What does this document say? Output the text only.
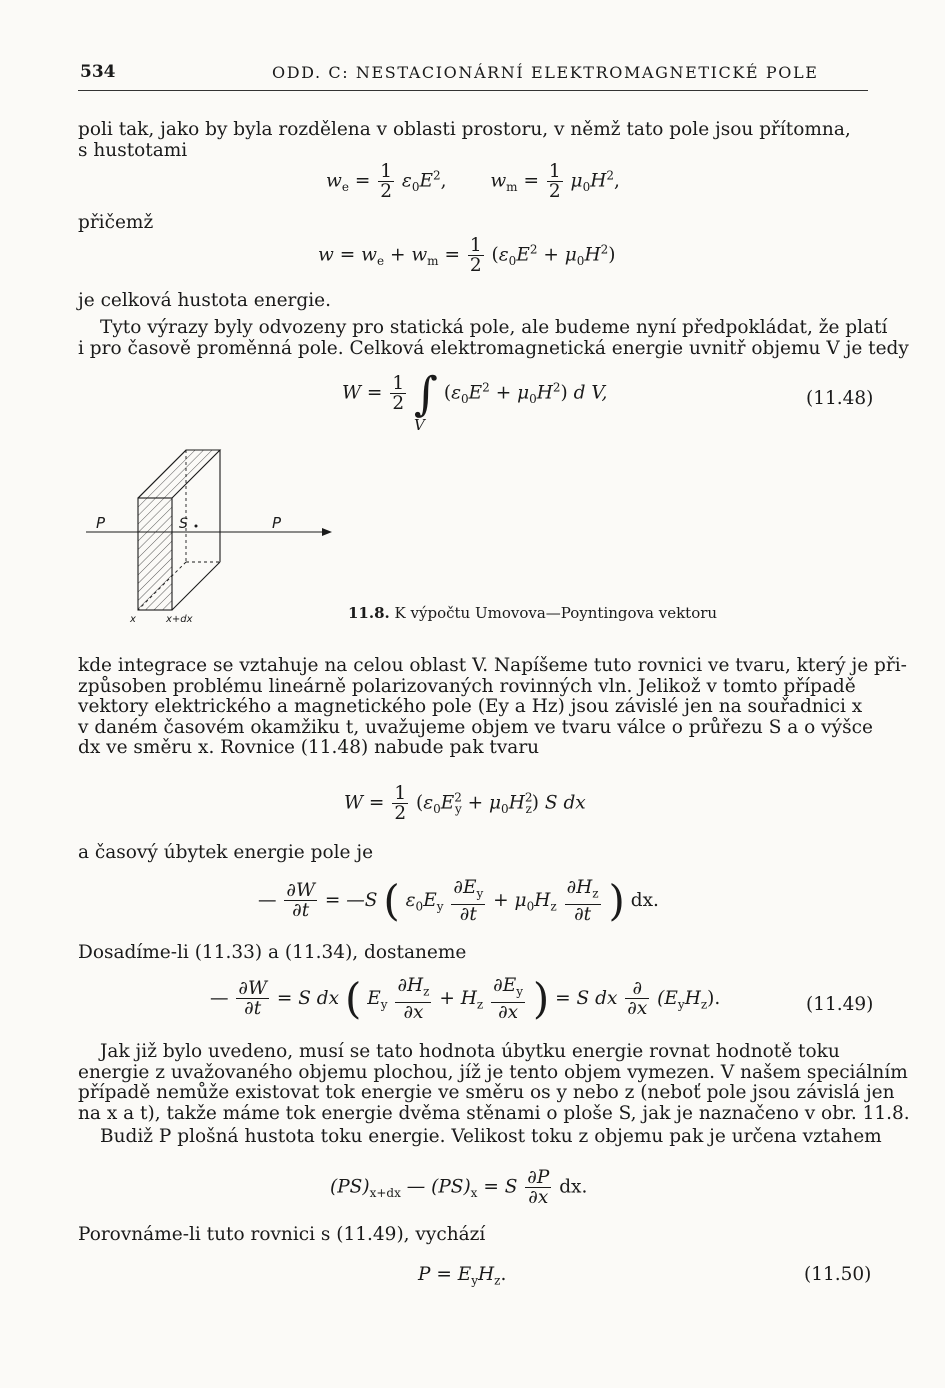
534	ODD. C: NESTACIONÁRNÍ ELEKTROMAGNETICKÉ POLE
poli tak, jako by byla rozdělena v oblasti prostoru, v němž tato pole jsou přítomna,
s hustotami
$w_e = \frac{1}{2} \varepsilon_0E^2$, $w_m = \frac{1}{2} \mu_0H^2$,
přičemž
$w = w_e + w_m = \frac{1}{2} (\varepsilon_0E^2 + \mu_0H^2)$
je celková hustota energie.
Tyto výrazy byly odvozeny pro statická pole, ale budeme nyní předpokládat, že platí
i pro časově proměnná pole. Celková elektromagnetická energie uvnitř objemu V je tedy
$W = \frac{1}{2}$ ∫ $(\varepsilon_0E^2 + \mu_0H^2)$ d V,
V
(11.48)
P	S	P
x	x+dx	11.8. K výpočtu Umovova—Poyntingova vektoru
kde integrace se vztahuje na celou oblast V. Napíšeme tuto rovnici ve tvaru, který je při-
způsoben problému lineárně polarizovaných rovinných vln. Jelikož v tomto případě
vektory elektrického a magnetického pole (Ey a Hz) jsou závislé jen na souřadnici x
v daném časovém okamžiku t, uvažujeme objem ve tvaru válce o průřezu S a o výšce
dx ve směru x. Rovnice (11.48) nabude pak tvaru
$W = \frac{1}{2} (\varepsilon_0E^2_y + \mu_0H^2_z)$ S dx
a časový úbytek energie pole je
— $\frac{\partial W}{\partial t}$ = —S ( $\varepsilon_0E_y \frac{\partial E_y}{\partial t} + \mu_0H_z \frac{\partial H_z}{\partial t}$ ) dx.
Dosadíme-li (11.33) a (11.34), dostaneme
— $\frac{\partial W}{\partial t} = S$ dx ( $E_y \frac{\partial H_z}{\partial x} + H_z \frac{\partial E_y}{\partial x}$ ) = S dx $\frac{\partial}{\partial x} (E_yH_z)$.	(11.49)
Jak již bylo uvedeno, musí se tato hodnota úbytku energie rovnat hodnotě toku
energie z uvažovaného objemu plochou, jíž je tento objem vymezen. V našem speciálním
případě nemůže existovat tok energie ve směru os y nebo z (neboť pole jsou závislá jen
na x a t), takže máme tok energie dvěma stěnami o ploše S, jak je naznačeno v obr. 11.8.
Budiž P plošná hustota toku energie. Velikost toku z objemu pak je určena vztahem
$(PS)_{x+dx}$ — $(PS)_x = S \frac{\partial P}{\partial x}$ dx.
Porovnáme-li tuto rovnici s (11.49), vychází
$P = E_yH_z$.	(11.50)
